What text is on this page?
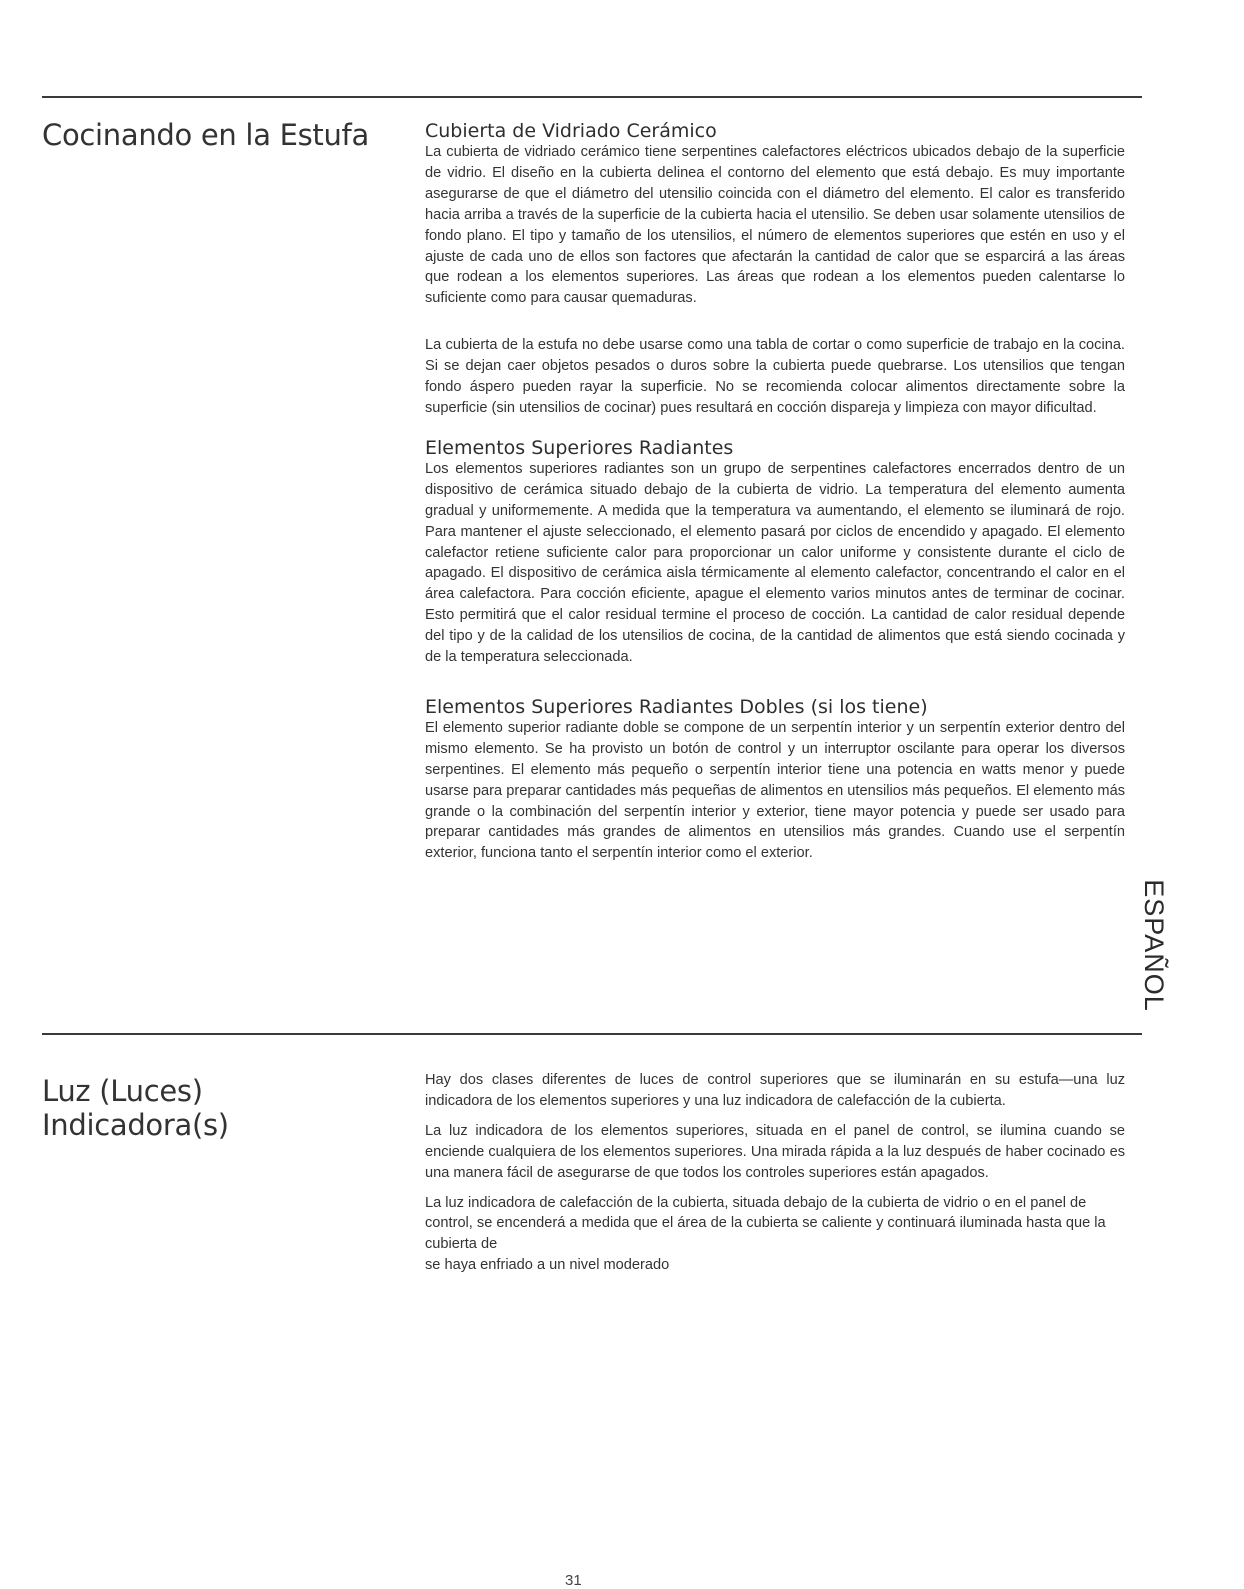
Cocinando en la Estufa	Cubierta de Vidriado Cerámico

La cubierta de vidriado cerámico tiene serpentines calefactores eléctricos ubicados debajo de la superficie de vidrio. El diseño en la cubierta delinea el contorno del elemento que está debajo. Es muy importante asegurarse de que el diámetro del utensilio coincida con el diámetro del elemento. El calor es transferido hacia arriba a través de la superficie de la cubierta hacia el utensilio. Se deben usar solamente utensilios de fondo plano. El tipo y tamaño de los utensilios, el número de elementos superiores que estén en uso y el ajuste de cada uno de ellos son factores que afectarán la cantidad de calor que se esparcirá a las áreas que rodean a los elementos superiores. Las áreas que rodean a los elementos pueden calentarse lo suficiente como para causar quemaduras.

La cubierta de la estufa no debe usarse como una tabla de cortar o como superficie de trabajo en la cocina. Si se dejan caer objetos pesados o duros sobre la cubierta puede quebrarse. Los utensilios que tengan fondo áspero pueden rayar la superficie. No se recomienda colocar alimentos directamente sobre la superficie (sin utensilios de cocinar) pues resultará en cocción dispareja y limpieza con mayor dificultad.

Elementos Superiores Radiantes

Los elementos superiores radiantes son un grupo de serpentines calefactores encerrados dentro de un dispositivo de cerámica situado debajo de la cubierta de vidrio. La temperatura del elemento aumenta gradual y uniformemente. A medida que la temperatura va aumentando, el elemento se iluminará de rojo. Para mantener el ajuste seleccionado, el elemento pasará por ciclos de encendido y apagado. El elemento calefactor retiene suficiente calor para proporcionar un calor uniforme y consistente durante el ciclo de apagado. El dispositivo de cerámica aisla térmicamente al elemento calefactor, concentrando el calor en el área calefactora. Para cocción eficiente, apague el elemento varios minutos antes de terminar de cocinar. Esto permitirá que el calor residual termine el proceso de cocción. La cantidad de calor residual depende del tipo y de la calidad de los utensilios de cocina, de la cantidad de alimentos que está siendo cocinada y de la temperatura seleccionada.

Elementos Superiores Radiantes Dobles (si los tiene)

El elemento superior radiante doble se compone de un serpentín interior y un serpentín exterior dentro del mismo elemento. Se ha provisto un botón de control y un interruptor oscilante para operar los diversos serpentines. El elemento más pequeño o serpentín interior tiene una potencia en watts menor y puede usarse para preparar cantidades más pequeñas de alimentos en utensilios más pequeños. El elemento más grande o la combinación del serpentín interior y exterior, tiene mayor potencia y puede ser usado para preparar cantidades más grandes de alimentos en utensilios más grandes. Cuando use el serpentín exterior, funciona tanto el serpentín interior como el exterior.

Luz (Luces)
Indicadora(s)

Hay dos clases diferentes de luces de control superiores que se iluminarán en su estufa—una luz indicadora de los elementos superiores y una luz indicadora de calefacción de la cubierta.

La luz indicadora de los elementos superiores, situada en el panel de control, se ilumina cuando se enciende cualquiera de los elementos superiores. Una mirada rápida a la luz después de haber cocinado es una manera fácil de asegurarse de que todos los controles superiores están apagados.

La luz indicadora de calefacción de la cubierta, situada debajo de la cubierta de vidrio o en el panel de control, se encenderá a medida que el área de la cubierta se caliente y continuará iluminada hasta que la cubierta de

se haya enfriado a un nivel moderado

ESPAÑOL
31
